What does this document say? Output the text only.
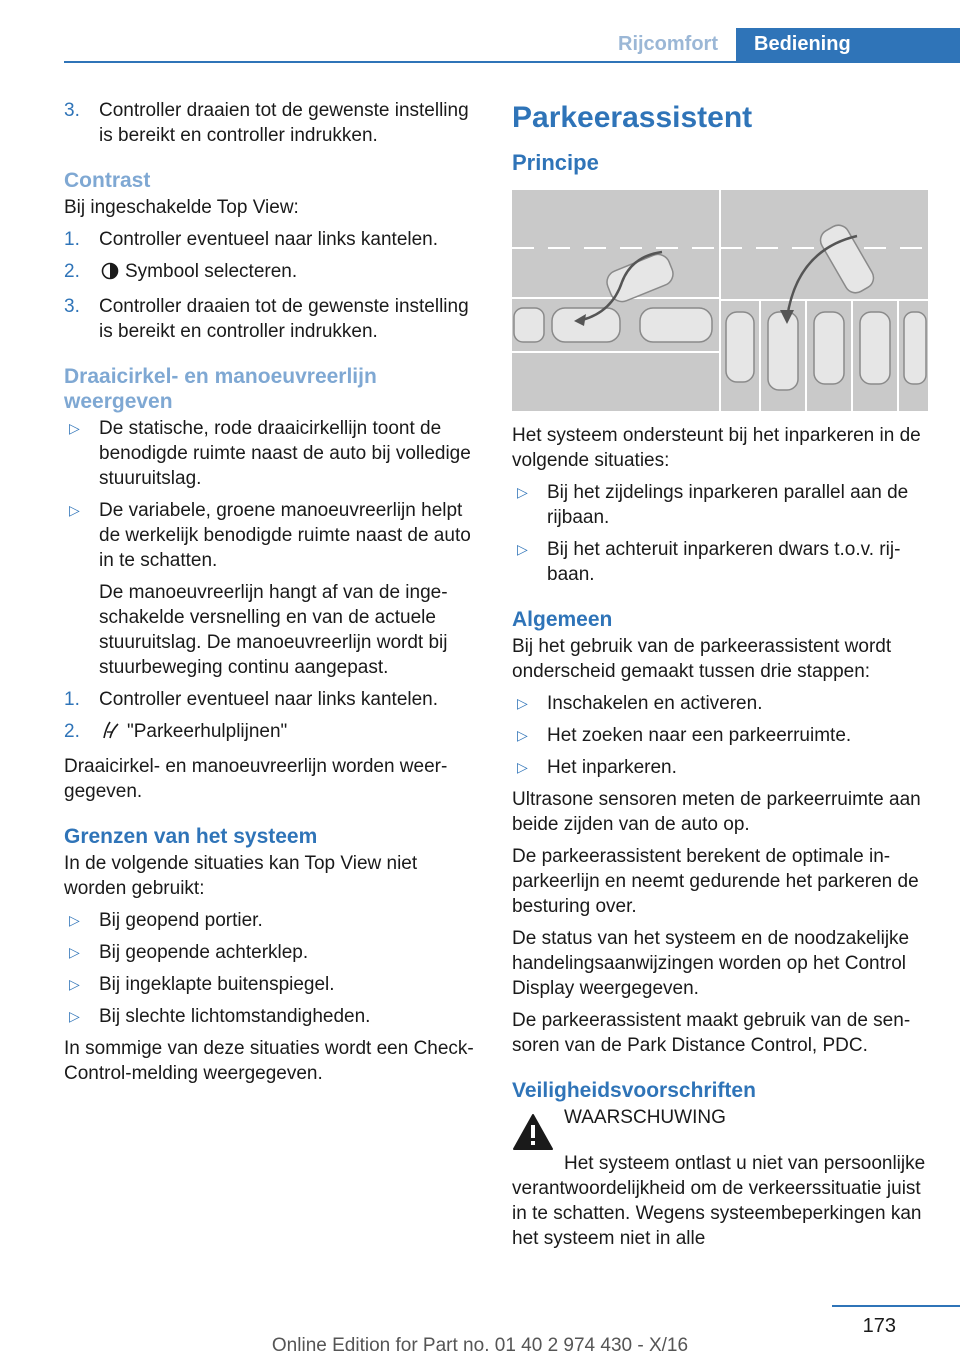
Rijcomfort	Bediening
3. Controller draaien tot de gewenste instelling is bereikt en controller indrukken.
Contrast

Bij ingeschakelde Top View:

1. Controller eventueel naar links kantelen.
2. Symbool selecteren.
3. Controller draaien tot de gewenste instelling is bereikt en controller indrukken.
Draaicirkel- en manoeuvreerlijn weergeven
▷ De statische, rode draaicirkellijn toont de benodigde ruimte naast de auto bij volledige stuuruitslag.
▷ De variabele, groene manoeuvreerlijn helpt de werkelijk benodigde ruimte naast de auto in te schatten.
De manoeuvreerlijn hangt af van de ingeschakelde versnelling en van de actuele stuuruitslag. De manoeuvreerlijn wordt bij stuurbeweging continu aangepast.
1. Controller eventueel naar links kantelen.
2. "Parkeerhulplijnen"

Draaicirkel- en manoeuvreerlijn worden weergegeven.

Grenzen van het systeem

In de volgende situaties kan Top View niet worden gebruikt:

▷ Bij geopend portier.
▷ Bij geopende achterklep.
▷ Bij ingeklapte buitenspiegel.
▷ Bij slechte lichtomstandigheden.

In sommige van deze situaties wordt een Check-Control-melding weergegeven.

Parkeerassistent
Principe

Het systeem ondersteunt bij het inparkeren in de volgende situaties:

▷ Bij het zijdelings inparkeren parallel aan de rijbaan.
▷ Bij het achteruit inparkeren dwars t.o.v. rijbaan.
Algemeen

Bij het gebruik van de parkeerassistent wordt onderscheid gemaakt tussen drie stappen:

▷ Inschakelen en activeren.
▷ Het zoeken naar een parkeerruimte.
▷ Het inparkeren.

Ultrasone sensoren meten de parkeerruimte aan beide zijden van de auto op.

De parkeerassistent berekent de optimale inparkeerlijn en neemt gedurende het parkeren de besturing over.

De status van het systeem en de noodzakelijke handelingsaanwijzingen worden op het Control Display weergegeven.

De parkeerassistent maakt gebruik van de sensoren van de Park Distance Control, PDC.

Veiligheidsvoorschriften
WAARSCHUWING

Het systeem ontlast u niet van persoonlijke verantwoordelijkheid om de verkeerssituatie juist in te schatten. Wegens systeembeperkingen kan het systeem niet in alle

173
Online Edition for Part no. 01 40 2 974 430 - X/16
